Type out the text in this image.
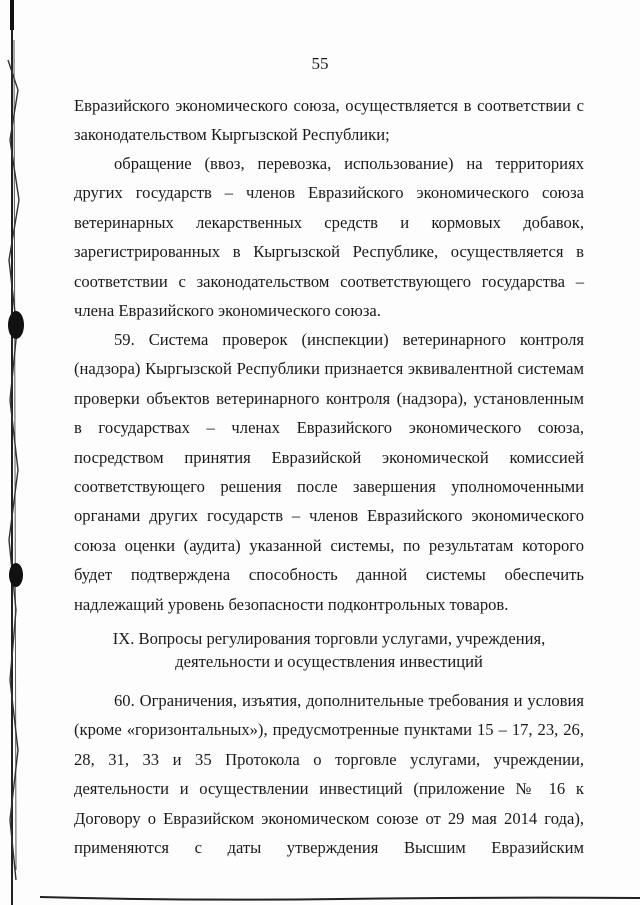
55

Евразийского экономического союза, осуществляется в соответствии с законодательством Кыргызской Республики;

обращение (ввоз, перевозка, использование) на территориях других государств – членов Евразийского экономического союза ветеринарных лекарственных средств и кормовых добавок, зарегистрированных в Кыргызской Республике, осуществляется в соответствии с законодательством соответствующего государства – члена Евразийского экономического союза.

59. Система проверок (инспекции) ветеринарного контроля (надзора) Кыргызской Республики признается эквивалентной системам проверки объектов ветеринарного контроля (надзора), установленным в государствах – членах Евразийского экономического союза, посредством принятия Евразийской экономической комиссией соответствующего решения после завершения уполномоченными органами других государств – членов Евразийского экономического союза оценки (аудита) указанной системы, по результатам которого будет подтверждена способность данной системы обеспечить надлежащий уровень безопасности подконтрольных товаров.

IX. Вопросы регулирования торговли услугами, учреждения,
деятельности и осуществления инвестиций

60. Ограничения, изъятия, дополнительные требования и условия (кроме «горизонтальных»), предусмотренные пунктами 15 – 17, 23, 26, 28, 31, 33 и 35 Протокола о торговле услугами, учреждении, деятельности и осуществлении инвестиций (приложение № 16 к Договору о Евразийском экономическом союзе от 29 мая 2014 года), применяются с даты утверждения Высшим Евразийским
